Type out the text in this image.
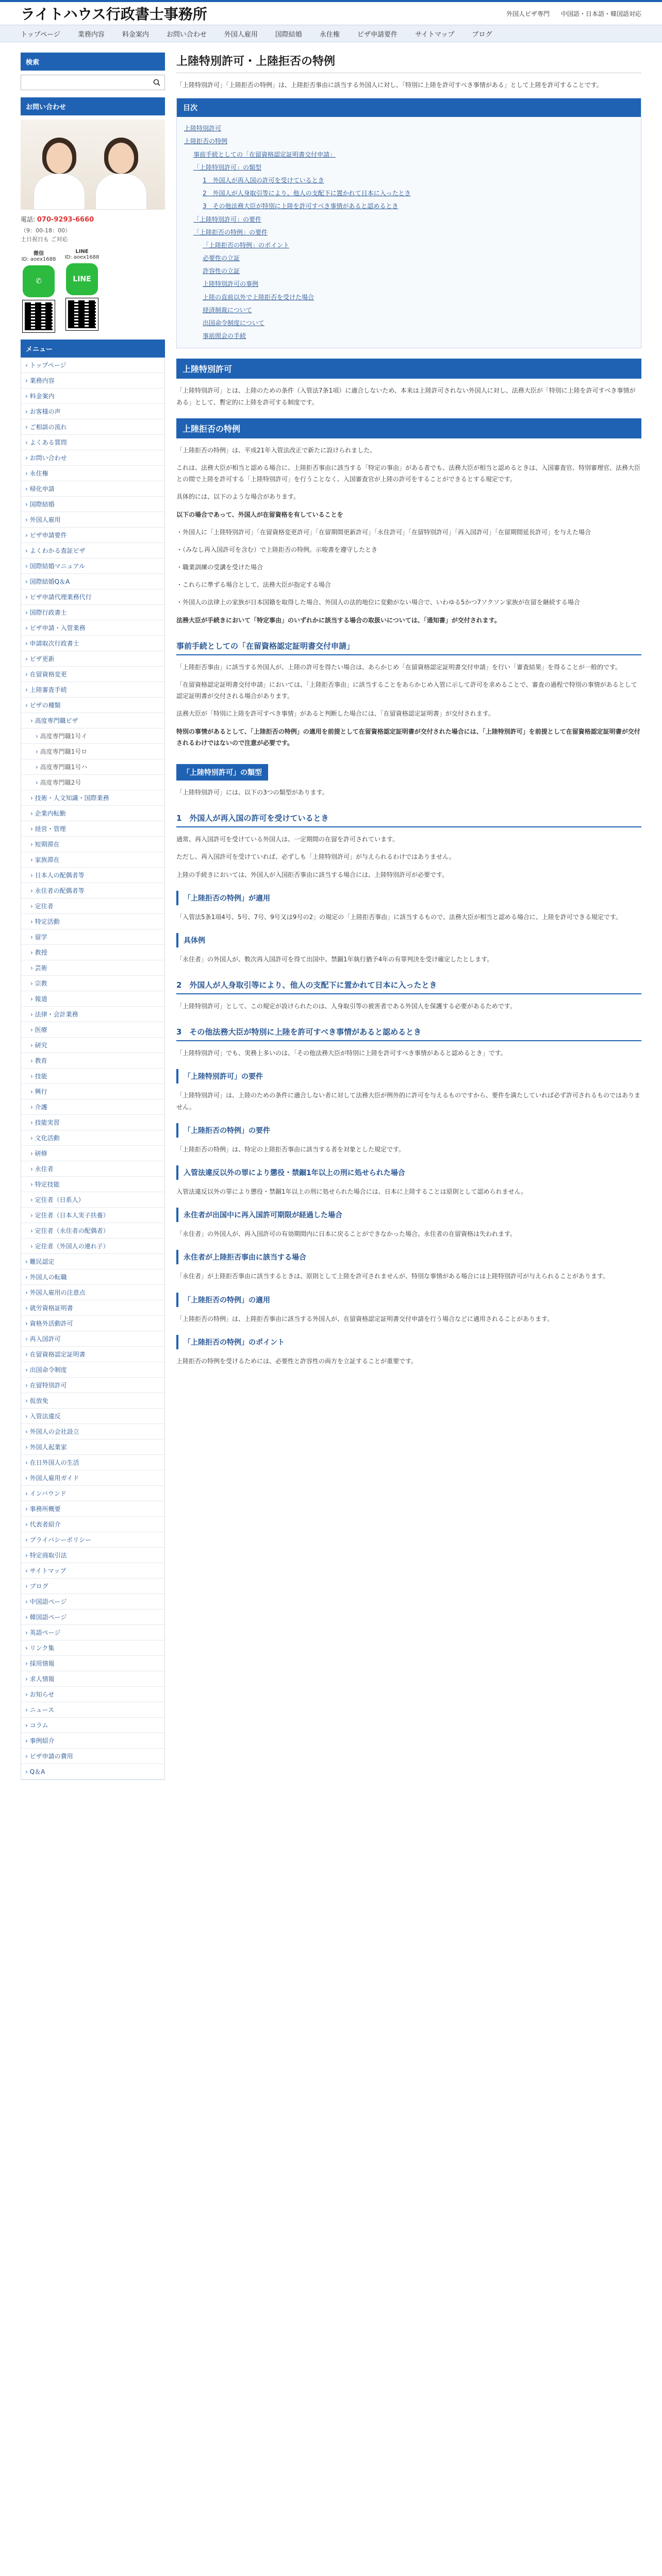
ライトハウス行政書士事務所	外国人ビザ専門 中国語・日本語・韓国語対応
トップページ	業務内容	料金案内	お問い合わせ	外国人雇用	国際結婚	永住権	ビザ申請要件	サイトマップ	ブログ
検索
お問い合わせ
電話: 070-9293-6660
（9：00-18：00）
土日祝日も ご対応
微信
ID: aoex1688
✆
LINE
ID: aoex1688
LINE
メニュー
› トップページ
› 業務内容
› 料金案内
› お客様の声
› ご相談の流れ
› よくある質問
› お問い合わせ
› 永住権
› 帰化申請
› 国際結婚
› 外国人雇用
› ビザ申請要件
› よくわかる査証ビザ
› 国際結婚マニュアル
› 国際結婚Q＆A
› ビザ申請代理業務代行
› 国際行政書士
› ビザ申請・入管業務
› 申請取次行政書士
› ビザ更新
› 在留資格変更
› 上陸審査手続
› ビザの種類
› 高度専門職ビザ
› 高度専門職1号イ
› 高度専門職1号ロ
› 高度専門職1号ハ
› 高度専門職2号
› 技術・人文知識・国際業務
› 企業内転勤
› 経営・管理
› 短期滞在
› 家族滞在
› 日本人の配偶者等
› 永住者の配偶者等
› 定住者
› 特定活動
› 留学
› 教授
› 芸術
› 宗教
› 報道
› 法律・会計業務
› 医療
› 研究
› 教育
› 技能
› 興行
› 介護
› 技能実習
› 文化活動
› 研修
› 永住者
› 特定技能
› 定住者（日系人）
› 定住者（日本人実子扶養）
› 定住者（永住者の配偶者）
› 定住者（外国人の連れ子）
› 難民認定
› 外国人の転職
› 外国人雇用の注意点
› 就労資格証明書
› 資格外活動許可
› 再入国許可
› 在留資格認定証明書
› 出国命令制度
› 在留特別許可
› 仮放免
› 入管法違反
› 外国人の会社設立
› 外国人起業家
› 在日外国人の生活
› 外国人雇用ガイド
› インバウンド
› 事務所概要
› 代表者紹介
› プライバシーポリシー
› 特定商取引法
› サイトマップ
› ブログ
› 中国語ページ
› 韓国語ページ
› 英語ページ
› リンク集
› 採用情報
› 求人情報
› お知らせ
› ニュース
› コラム
› 事例紹介
› ビザ申請の費用
› Q＆A
上陸特別許可・上陸拒否の特例

「上陸特別許可」「上陸拒否の特例」は、上陸拒否事由に該当する外国人に対し、「特別に上陸を許可すべき事情がある」として上陸を許可することです。

目次
上陸特別許可
上陸拒否の特例
事前手続としての「在留資格認定証明書交付申請」
「上陸特別許可」の類型
1　外国人が再入国の許可を受けているとき
2　外国人が人身取引等により、他人の支配下に置かれて日本に入ったとき
3　その他法務大臣が特別に上陸を許可すべき事情があると認めるとき
「上陸特別許可」の要件
「上陸拒否の特例」の要件
「上陸拒否の特例」のポイント
必要性の立証
許容性の立証
上陸特別許可の事例
上陸の直前以外で上陸拒否を受けた場合
経済制裁について
出国命令制度について
事前照会の手続
上陸特別許可

「上陸特別許可」とは、上陸のための条件（入管法7条1項）に適合しないため、本来は上陸許可されない外国人に対し、法務大臣が「特別に上陸を許可すべき事情がある」として、暫定的に上陸を許可する制度です。

上陸拒否の特例

「上陸拒否の特例」は、平成21年入管法改正で新たに設けられました。

これは、法務大臣が相当と認める場合に、上陸拒否事由に該当する「特定の事由」がある者でも、法務大臣が相当と認めるときは、入国審査官、特別審理官、法務大臣との間で上陸を許可する「上陸特別許可」を行うことなく、入国審査官が上陸の許可をすることができるとする規定です。

具体的には、以下のような場合があります。

以下の場合であって、外国人が在留資格を有していることを

・外国人に「上陸特別許可」「在留資格変更許可」「在留期間更新許可」「永住許可」「在留特別許可」「再入国許可」「在留期間延長許可」を与えた場合

・（みなし再入国許可を含む）で上陸拒否の特例。示唆書を遵守したとき

・職業訓練の受講を受けた場合

・これらに準ずる場合として、法務大臣が指定する場合

・外国人の法律上の家族が日本国籍を取得した場合、外国人の法的地位に変動がない場合で、いわゆる5かつ7ソクソン家族が在留を継続する場合

法務大臣が手続きにおいて「特定事由」のいずれかに該当する場合の取扱いについては、「通知書」が交付されます。

事前手続としての「在留資格認定証明書交付申請」

「上陸拒否事由」に該当する外国人が、上陸の許可を得たい場合は、あらかじめ「在留資格認定証明書交付申請」を行い「審査結果」を得ることが一般的です。

「在留資格認定証明書交付申請」においては、「上陸拒否事由」に該当することをあらかじめ入管に示して許可を求めることで、審査の過程で特別の事情があるとして認定証明書が交付される場合があります。

法務大臣が「特別に上陸を許可すべき事情」があると判断した場合には、「在留資格認定証明書」が交付されます。

特別の事情があるとして、「上陸拒否の特例」の適用を前提として在留資格認定証明書が交付された場合には、「上陸特別許可」を前提として在留資格認定証明書が交付されるわけではないので注意が必要です。

「上陸特別許可」の類型

「上陸特別許可」には、以下の3つの類型があります。

1　外国人が再入国の許可を受けているとき

通常、再入国許可を受けている外国人は、一定期間の在留を許可されています。

ただし、再入国許可を受けていれば、必ずしも「上陸特別許可」が与えられるわけではありません。

上陸の手続きにおいては、外国人が入国拒否事由に該当する場合には、上陸特別許可が必要です。

「上陸拒否の特例」が適用

「入管法5条1項4号、5号、7号、9号又は9号の2」の規定の「上陸拒否事由」に該当するもので、法務大臣が相当と認める場合に、上陸を許可できる規定です。

具体例

「永住者」の外国人が、数次再入国許可を得て出国中、禁錮1年執行猶予4年の有罪判決を受け確定したとします。

2　外国人が人身取引等により、他人の支配下に置かれて日本に入ったとき

「上陸特別許可」として、この規定が設けられたのは、人身取引等の被害者である外国人を保護する必要があるためです。

3　その他法務大臣が特別に上陸を許可すべき事情があると認めるとき

「上陸特別許可」でも、実務上多いのは、「その他法務大臣が特別に上陸を許可すべき事情があると認めるとき」です。

「上陸特別許可」の要件

「上陸特別許可」は、上陸のための条件に適合しない者に対して法務大臣が例外的に許可を与えるものですから、要件を満たしていれば必ず許可されるものではありません。

「上陸拒否の特例」の要件

「上陸拒否の特例」は、特定の上陸拒否事由に該当する者を対象とした規定です。

入管法違反以外の罪により懲役・禁錮1年以上の刑に処せられた場合

入管法違反以外の罪により懲役・禁錮1年以上の刑に処せられた場合には、日本に上陸することは原則として認められません。

永住者が出国中に再入国許可期限が経過した場合

「永住者」の外国人が、再入国許可の有効期間内に日本に戻ることができなかった場合、永住者の在留資格は失われます。

永住者が上陸拒否事由に該当する場合

「永住者」が上陸拒否事由に該当するときは、原則として上陸を許可されませんが、特別な事情がある場合には上陸特別許可が与えられることがあります。

「上陸拒否の特例」の適用

「上陸拒否の特例」は、上陸拒否事由に該当する外国人が、在留資格認定証明書交付申請を行う場合などに適用されることがあります。

「上陸拒否の特例」のポイント

上陸拒否の特例を受けるためには、必要性と許容性の両方を立証することが重要です。
